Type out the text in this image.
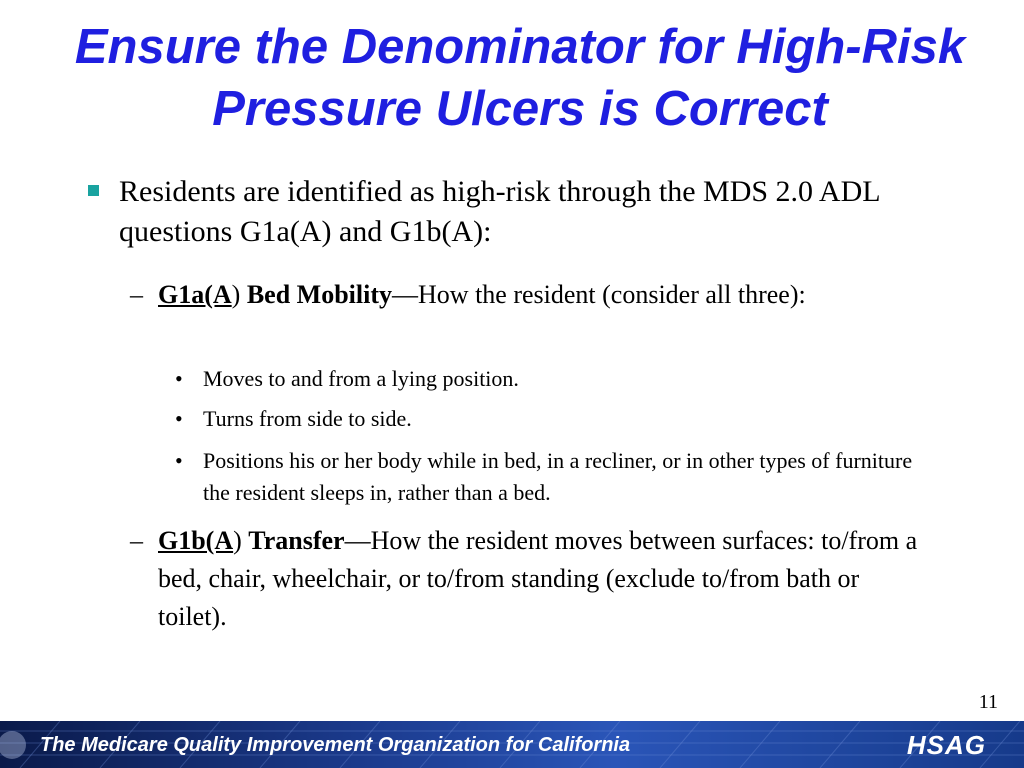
Ensure the Denominator for High-Risk Pressure Ulcers is Correct
Residents are identified as high-risk through the MDS 2.0 ADL questions G1a(A) and G1b(A):
– G1a(A) Bed Mobility—How the resident (consider all three):
• Moves to and from a lying position.
• Turns from side to side.
• Positions his or her body while in bed, in a recliner, or in other types of furniture the resident sleeps in, rather than a bed.
– G1b(A) Transfer—How the resident moves between surfaces: to/from a bed, chair, wheelchair, or to/from standing (exclude to/from bath or toilet).
11
The Medicare Quality Improvement Organization for California	HSAG
